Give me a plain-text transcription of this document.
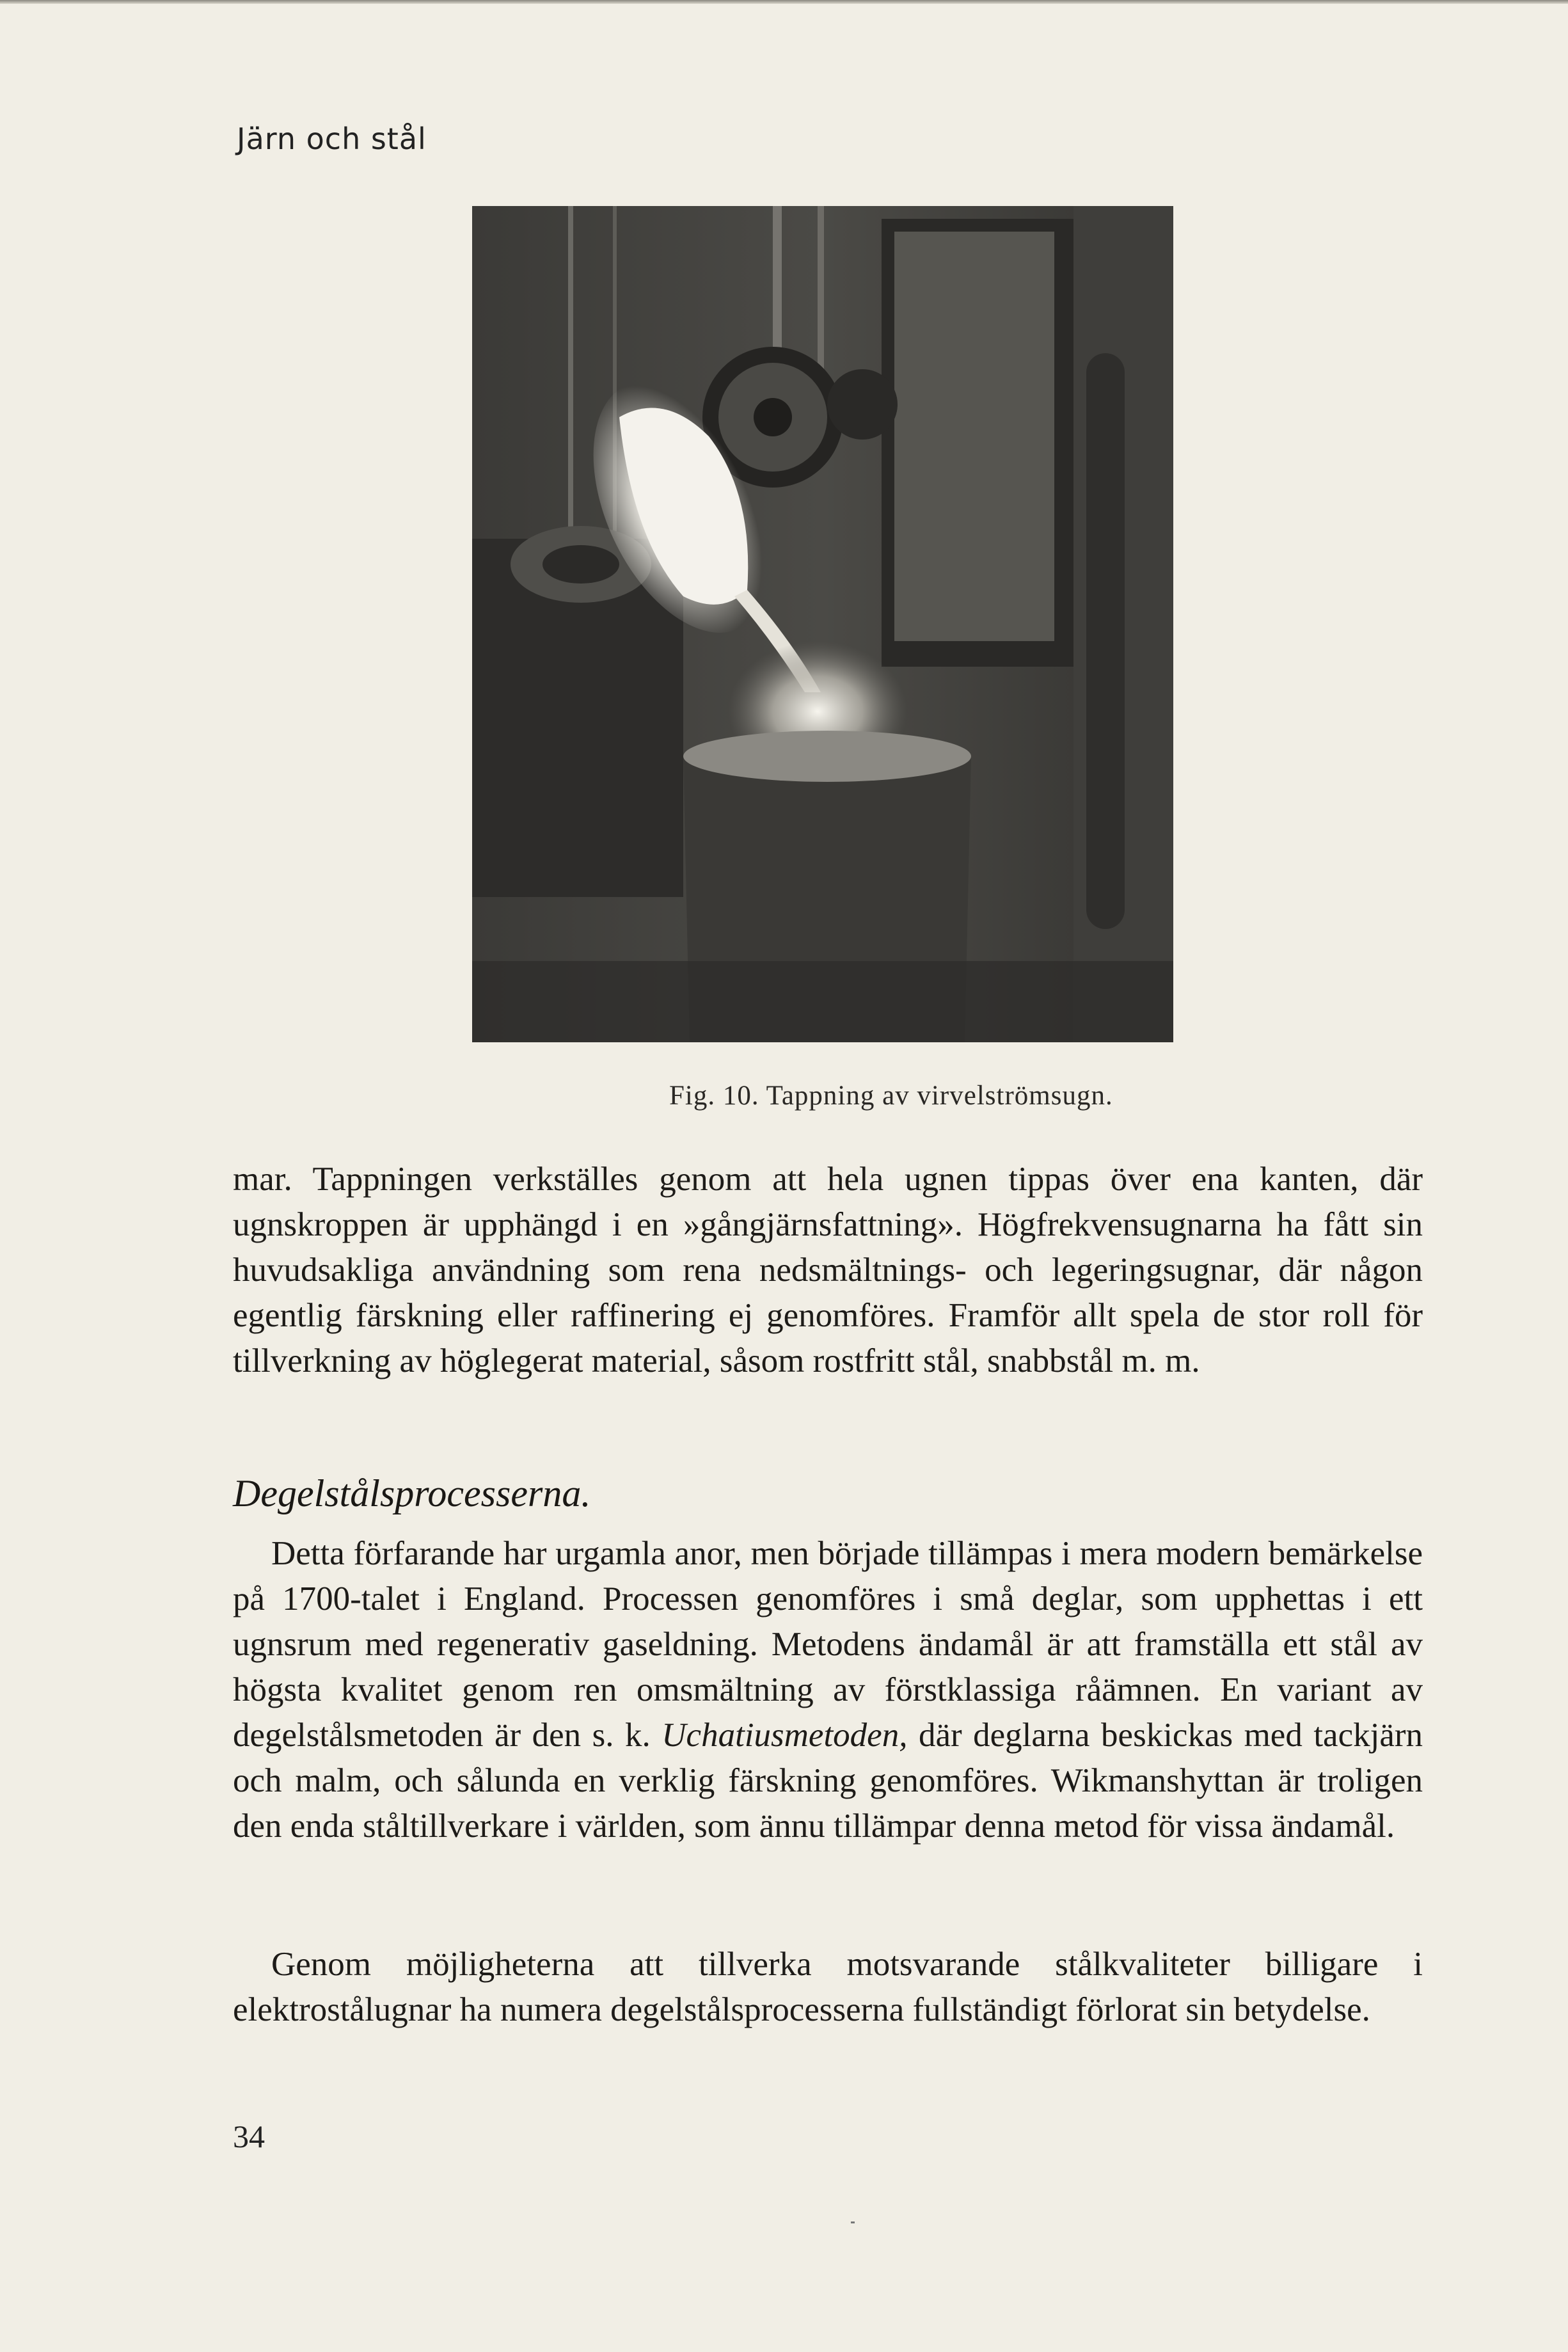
Järn och stål
Fig. 10. Tappning av virvelströmsugn.

mar. Tappningen verkställes genom att hela ugnen tippas över ena kanten, där ugnskroppen är upphängd i en »gångjärnsfattning». Högfrekvensugnarna ha fått sin huvudsakliga användning som rena nedsmältnings- och legeringsugnar, där någon egentlig färskning eller raffinering ej genomföres. Framför allt spela de stor roll för tillverkning av höglegerat material, såsom rostfritt stål, snabbstål m. m.

Degelstålsprocesserna.

Detta förfarande har urgamla anor, men började tillämpas i mera modern bemärkelse på 1700-talet i England. Processen genomföres i små deglar, som upphettas i ett ugnsrum med regenerativ gaseldning. Metodens ändamål är att framställa ett stål av högsta kvalitet genom ren omsmältning av förstklassiga råämnen. En variant av degelstålsmetoden är den s. k. Uchatiusmetoden, där deglarna beskickas med tackjärn och malm, och sålunda en verklig färskning genomföres. Wikmanshyttan är troligen den enda ståltillverkare i världen, som ännu tillämpar denna metod för vissa ändamål.

Genom möjligheterna att tillverka motsvarande stålkvaliteter billigare i elektrostålugnar ha numera degelstålsprocesserna fullständigt förlorat sin betydelse.

34
